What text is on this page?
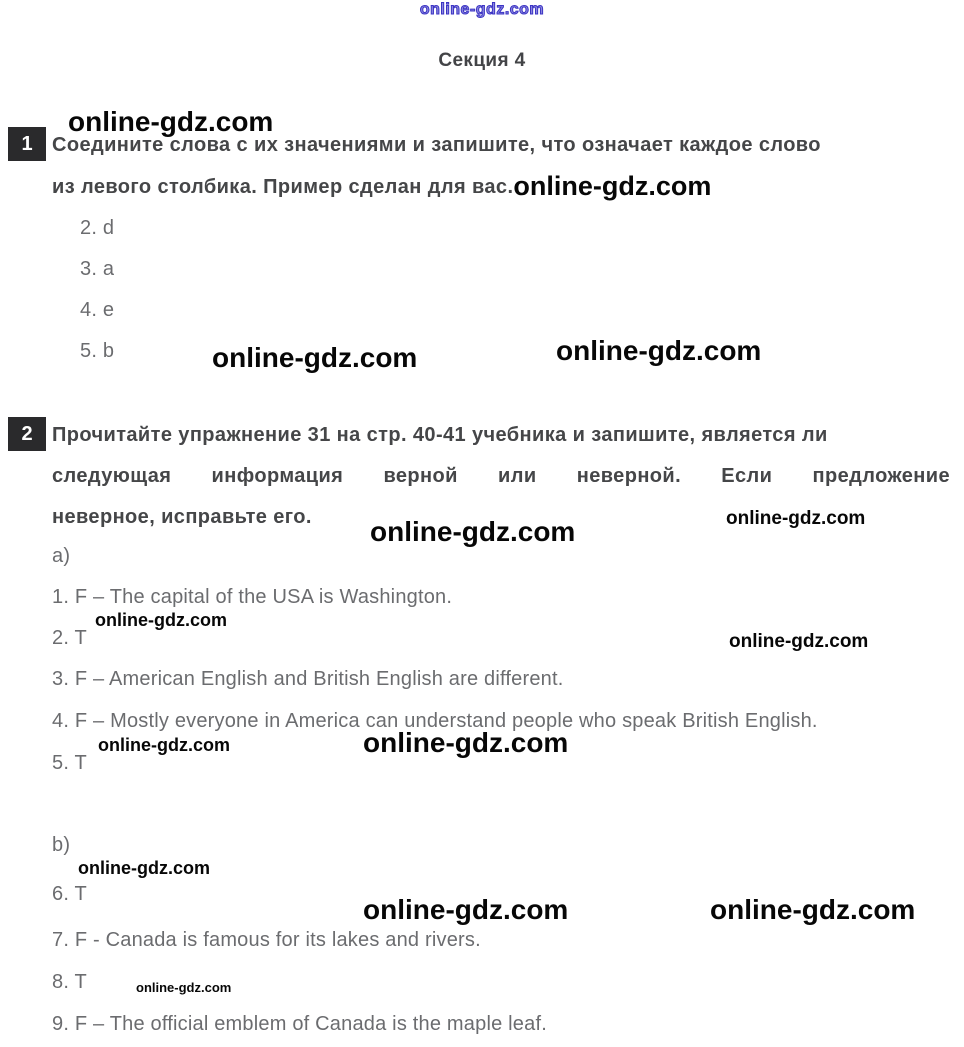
online-gdz.com
Секция 4
1
online-gdz.com
Соедините слова с их значениями и запишите, что означает каждое слово
из левого столбика. Пример сделан для вас.online-gdz.com
2. d
3. a
4. e
5. b	online-gdz.com	online-gdz.com
2 Прочитайте упражнение 31 на стр. 40-41 учебника и запишите, является ли
следующая информация верной или неверной. Если предложение
неверное, исправьте его.	online-gdz.com
online-gdz.com
a)
1. F – The capital of the USA is Washington.
2. T
online-gdz.com
online-gdz.com
3. F – American English and British English are different.
4. F – Mostly everyone in America can understand people who speak British English.
5. T
online-gdz.com	online-gdz.com
b)
online-gdz.com
6. T	online-gdz.com	online-gdz.com
7. F - Canada is famous for its lakes and rivers.
8. T	online-gdz.com
9. F – The official emblem of Canada is the maple leaf.
